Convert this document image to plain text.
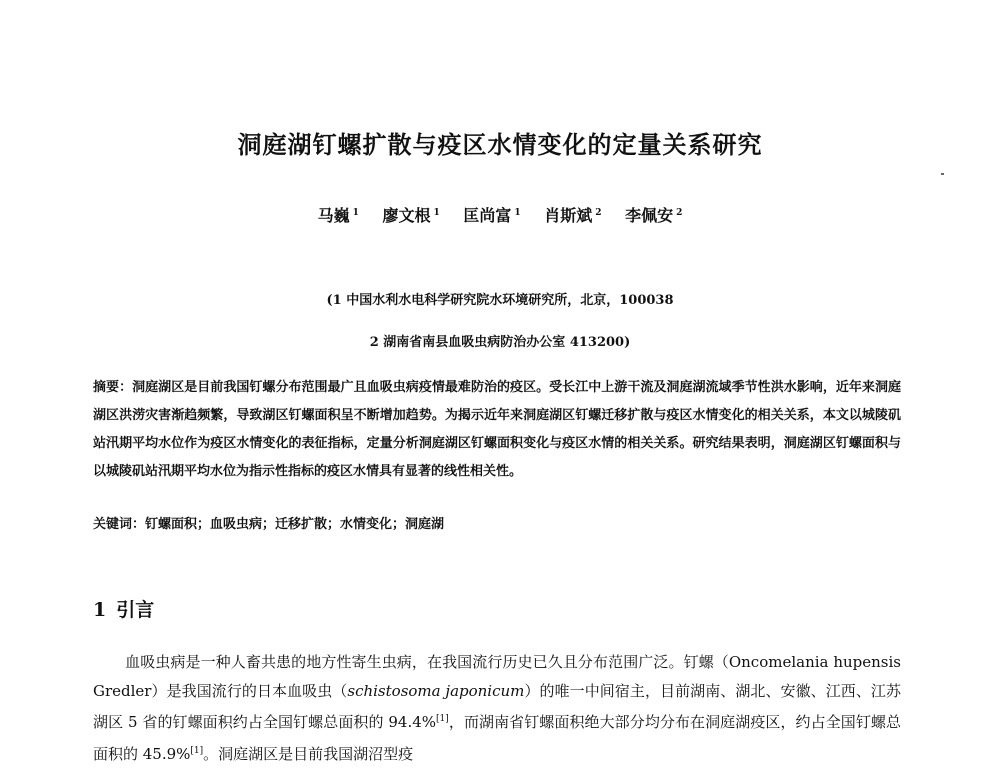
洞庭湖钉螺扩散与疫区水情变化的定量关系研究
马巍 $^1$ 廖文根 $^1$ 匡尚富 $^1$ 肖斯斌 $^2$ 李佩安 $^2$
(1 中国水利水电科学研究院水环境研究所，北京，100038
2 湖南省南县血吸虫病防治办公室 413200)
摘要：洞庭湖区是目前我国钉螺分布范围最广且血吸虫病疫情最难防治的疫区。受长江中上游干流及洞庭湖流域季节性洪水影响，近年来洞庭湖区洪涝灾害渐趋频繁，导致湖区钉螺面积呈不断增加趋势。为揭示近年来洞庭湖区钉螺迁移扩散与疫区水情变化的相关关系，本文以城陵矶站汛期平均水位作为疫区水情变化的表征指标，定量分析洞庭湖区钉螺面积变化与疫区水情的相关关系。研究结果表明，洞庭湖区钉螺面积与以城陵矶站汛期平均水位为指示性指标的疫区水情具有显著的线性相关性。
关键词：钉螺面积；血吸虫病；迁移扩散；水情变化；洞庭湖
1 引言
血吸虫病是一种人畜共患的地方性寄生虫病，在我国流行历史已久且分布范围广泛。钉螺（Oncomelania hupensis Gredler）是我国流行的日本血吸虫（schistosoma japonicum）的唯一中间宿主，目前湖南、湖北、安徽、江西、江苏湖区 5 省的钉螺面积约占全国钉螺总面积的 94.4%[1]，而湖南省钉螺面积绝大部分均分布在洞庭湖疫区，约占全国钉螺总面积的 45.9%[1]。洞庭湖区是目前我国湖沼型疫
